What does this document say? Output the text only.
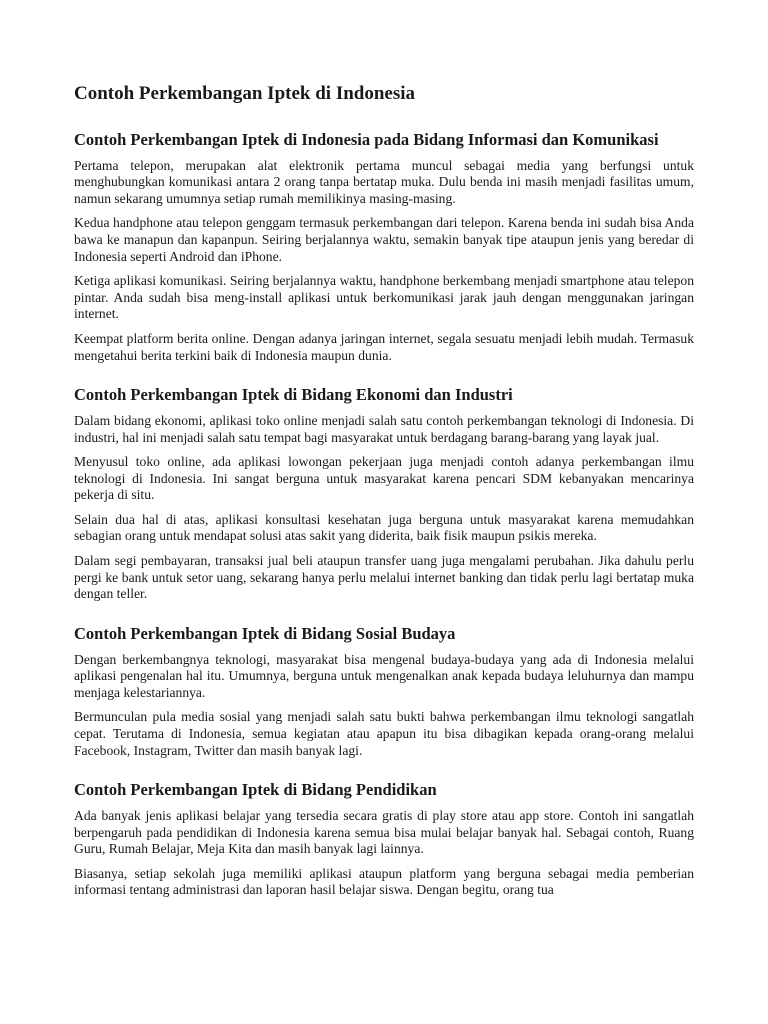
Contoh Perkembangan Iptek di Indonesia
Contoh Perkembangan Iptek di Indonesia pada Bidang Informasi dan Komunikasi

Pertama telepon, merupakan alat elektronik pertama muncul sebagai media yang berfungsi untuk menghubungkan komunikasi antara 2 orang tanpa bertatap muka. Dulu benda ini masih menjadi fasilitas umum, namun sekarang umumnya setiap rumah memilikinya masing-masing.

Kedua handphone atau telepon genggam termasuk perkembangan dari telepon. Karena benda ini sudah bisa Anda bawa ke manapun dan kapanpun. Seiring berjalannya waktu, semakin banyak tipe ataupun jenis yang beredar di Indonesia seperti Android dan iPhone.

Ketiga aplikasi komunikasi. Seiring berjalannya waktu, handphone berkembang menjadi smartphone atau telepon pintar. Anda sudah bisa meng-install aplikasi untuk berkomunikasi jarak jauh dengan menggunakan jaringan internet.

Keempat platform berita online. Dengan adanya jaringan internet, segala sesuatu menjadi lebih mudah. Termasuk mengetahui berita terkini baik di Indonesia maupun dunia.

Contoh Perkembangan Iptek di Bidang Ekonomi dan Industri

Dalam bidang ekonomi, aplikasi toko online menjadi salah satu contoh perkembangan teknologi di Indonesia. Di industri, hal ini menjadi salah satu tempat bagi masyarakat untuk berdagang barang-barang yang layak jual.

Menyusul toko online, ada aplikasi lowongan pekerjaan juga menjadi contoh adanya perkembangan ilmu teknologi di Indonesia. Ini sangat berguna untuk masyarakat karena pencari SDM kebanyakan mencarinya pekerja di situ.

Selain dua hal di atas, aplikasi konsultasi kesehatan juga berguna untuk masyarakat karena memudahkan sebagian orang untuk mendapat solusi atas sakit yang diderita, baik fisik maupun psikis mereka.

Dalam segi pembayaran, transaksi jual beli ataupun transfer uang juga mengalami perubahan. Jika dahulu perlu pergi ke bank untuk setor uang, sekarang hanya perlu melalui internet banking dan tidak perlu lagi bertatap muka dengan teller.

Contoh Perkembangan Iptek di Bidang Sosial Budaya

Dengan berkembangnya teknologi, masyarakat bisa mengenal budaya-budaya yang ada di Indonesia melalui aplikasi pengenalan hal itu. Umumnya, berguna untuk mengenalkan anak kepada budaya leluhurnya dan mampu menjaga kelestariannya.

Bermunculan pula media sosial yang menjadi salah satu bukti bahwa perkembangan ilmu teknologi sangatlah cepat. Terutama di Indonesia, semua kegiatan atau apapun itu bisa dibagikan kepada orang-orang melalui Facebook, Instagram, Twitter dan masih banyak lagi.

Contoh Perkembangan Iptek di Bidang Pendidikan

Ada banyak jenis aplikasi belajar yang tersedia secara gratis di play store atau app store. Contoh ini sangatlah berpengaruh pada pendidikan di Indonesia karena semua bisa mulai belajar banyak hal. Sebagai contoh, Ruang Guru, Rumah Belajar, Meja Kita dan masih banyak lagi lainnya.

Biasanya, setiap sekolah juga memiliki aplikasi ataupun platform yang berguna sebagai media pemberian informasi tentang administrasi dan laporan hasil belajar siswa. Dengan begitu, orang tua
